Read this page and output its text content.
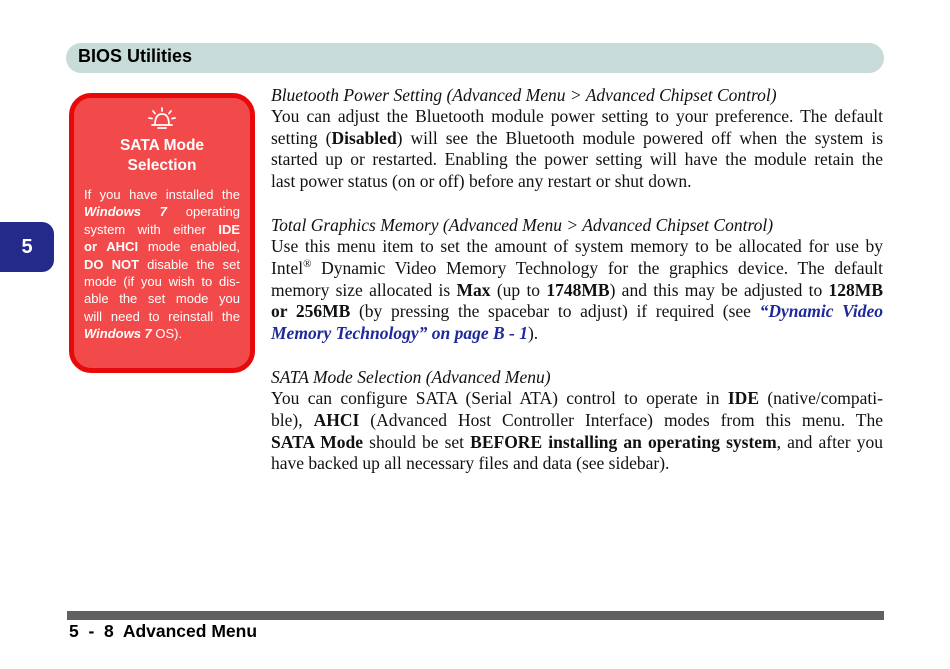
BIOS Utilities
5
SATA Mode
Selection
If you have installed the
Windows 7 operating
system with either IDE
or AHCI mode enabled,
DO NOT disable the set
mode (if you wish to dis-
able the set mode you
will need to reinstall the
Windows 7 OS).
Bluetooth Power Setting (Advanced Menu > Advanced Chipset Control)
You can adjust the Bluetooth module power setting to your preference. The default
setting (Disabled) will see the Bluetooth module powered off when the system is
started up or restarted. Enabling the power setting will have the module retain the
last power status (on or off) before any restart or shut down.
Total Graphics Memory (Advanced Menu > Advanced Chipset Control)
Use this menu item to set the amount of system memory to be allocated for use by
Intel® Dynamic Video Memory Technology for the graphics device. The default
memory size allocated is Max (up to 1748MB) and this may be adjusted to 128MB
or 256MB (by pressing the spacebar to adjust) if required (see “Dynamic Video
Memory Technology” on page B - 1).
SATA Mode Selection (Advanced Menu)
You can configure SATA (Serial ATA) control to operate in IDE (native/compati-
ble), AHCI (Advanced Host Controller Interface) modes from this menu. The
SATA Mode should be set BEFORE installing an operating system, and after you
have backed up all necessary files and data (see sidebar).
5  -  8 Advanced Menu
